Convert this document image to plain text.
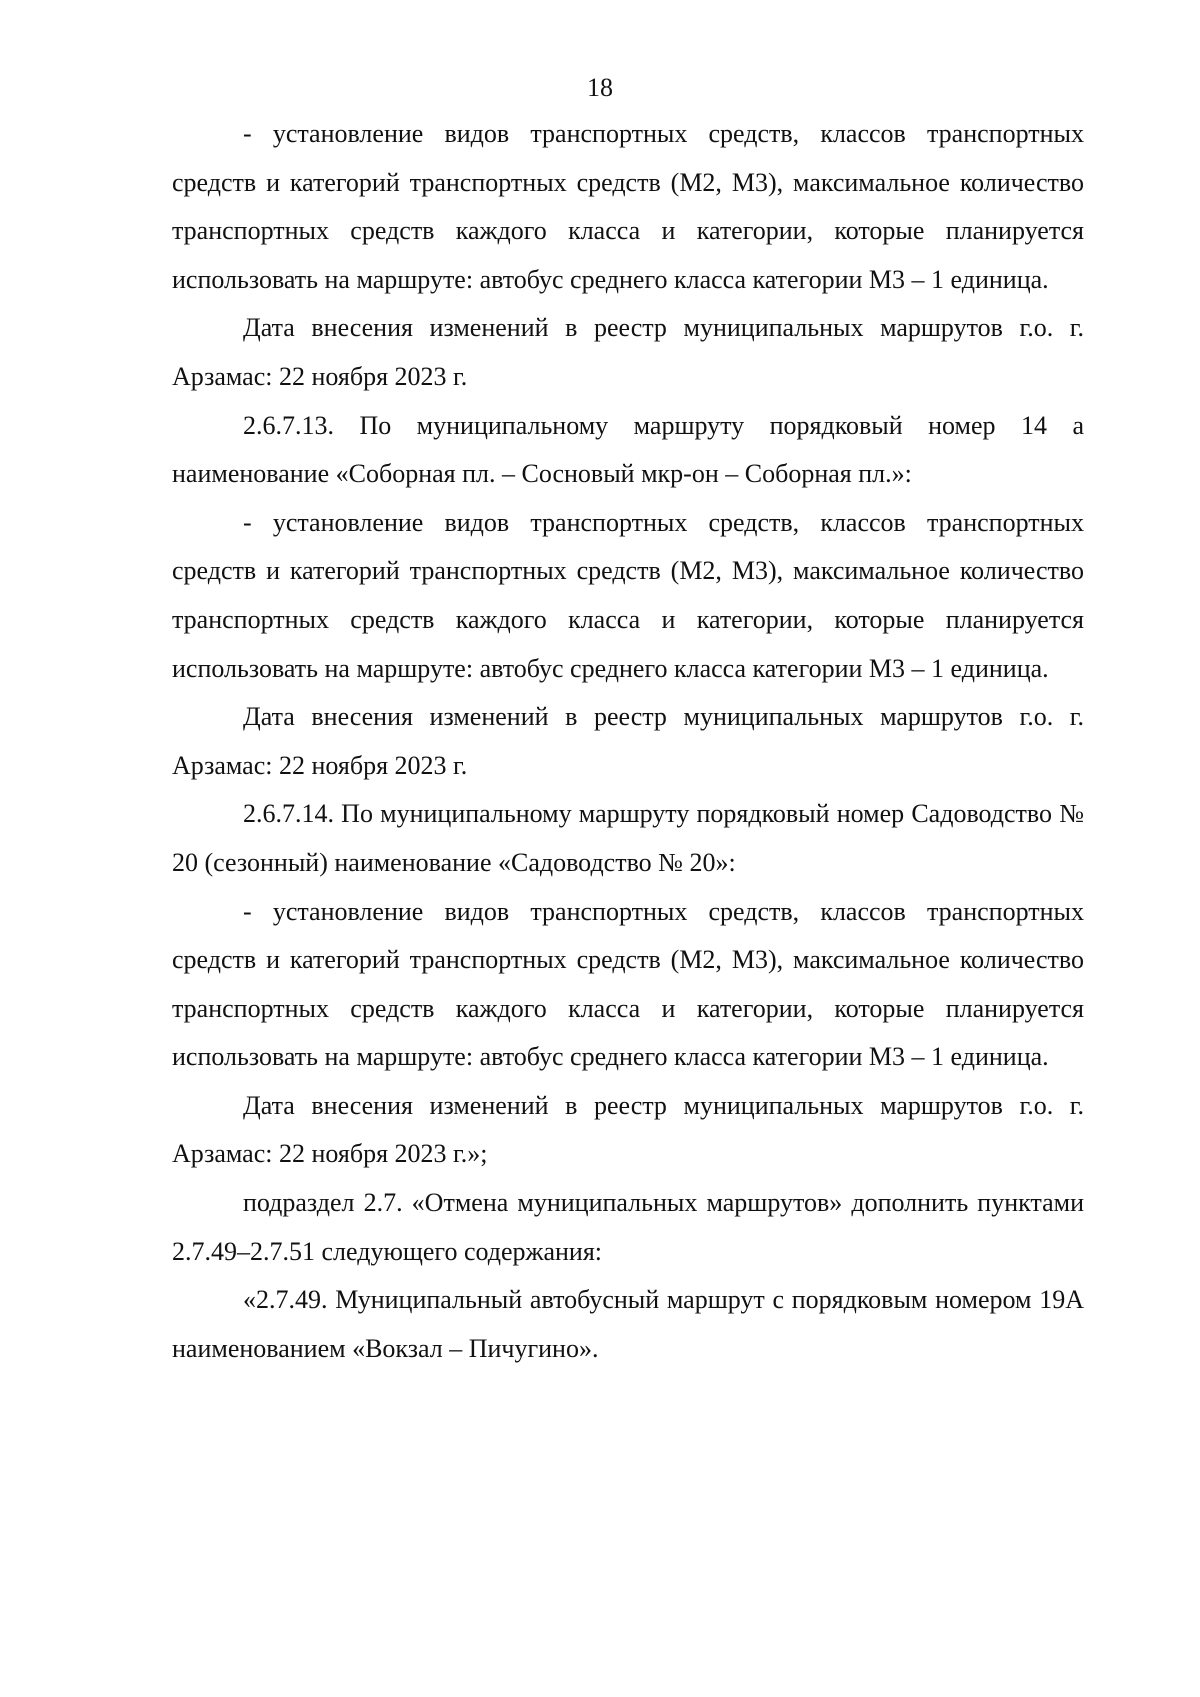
18

- установление видов транспортных средств, классов транспортных средств и категорий транспортных средств (М2, М3), максимальное количество транспортных средств каждого класса и категории, которые планируется использовать на маршруте: автобус среднего класса категории М3 – 1 единица.

Дата внесения изменений в реестр муниципальных маршрутов г.о. г. Арзамас: 22 ноября 2023 г.

2.6.7.13. По муниципальному маршруту порядковый номер 14 а наименование «Соборная пл. – Сосновый мкр-он – Соборная пл.»:

- установление видов транспортных средств, классов транспортных средств и категорий транспортных средств (М2, М3), максимальное количество транспортных средств каждого класса и категории, которые планируется использовать на маршруте: автобус среднего класса категории М3 – 1 единица.

Дата внесения изменений в реестр муниципальных маршрутов г.о. г. Арзамас: 22 ноября 2023 г.

2.6.7.14. По муниципальному маршруту порядковый номер Садоводство № 20 (сезонный) наименование «Садоводство № 20»:

- установление видов транспортных средств, классов транспортных средств и категорий транспортных средств (М2, М3), максимальное количество транспортных средств каждого класса и категории, которые планируется использовать на маршруте: автобус среднего класса категории М3 – 1 единица.

Дата внесения изменений в реестр муниципальных маршрутов г.о. г. Арзамас: 22 ноября 2023 г.»;

подраздел 2.7. «Отмена муниципальных маршрутов» дополнить пунктами 2.7.49–2.7.51 следующего содержания:

«2.7.49. Муниципальный автобусный маршрут с порядковым номером 19А наименованием «Вокзал – Пичугино».
